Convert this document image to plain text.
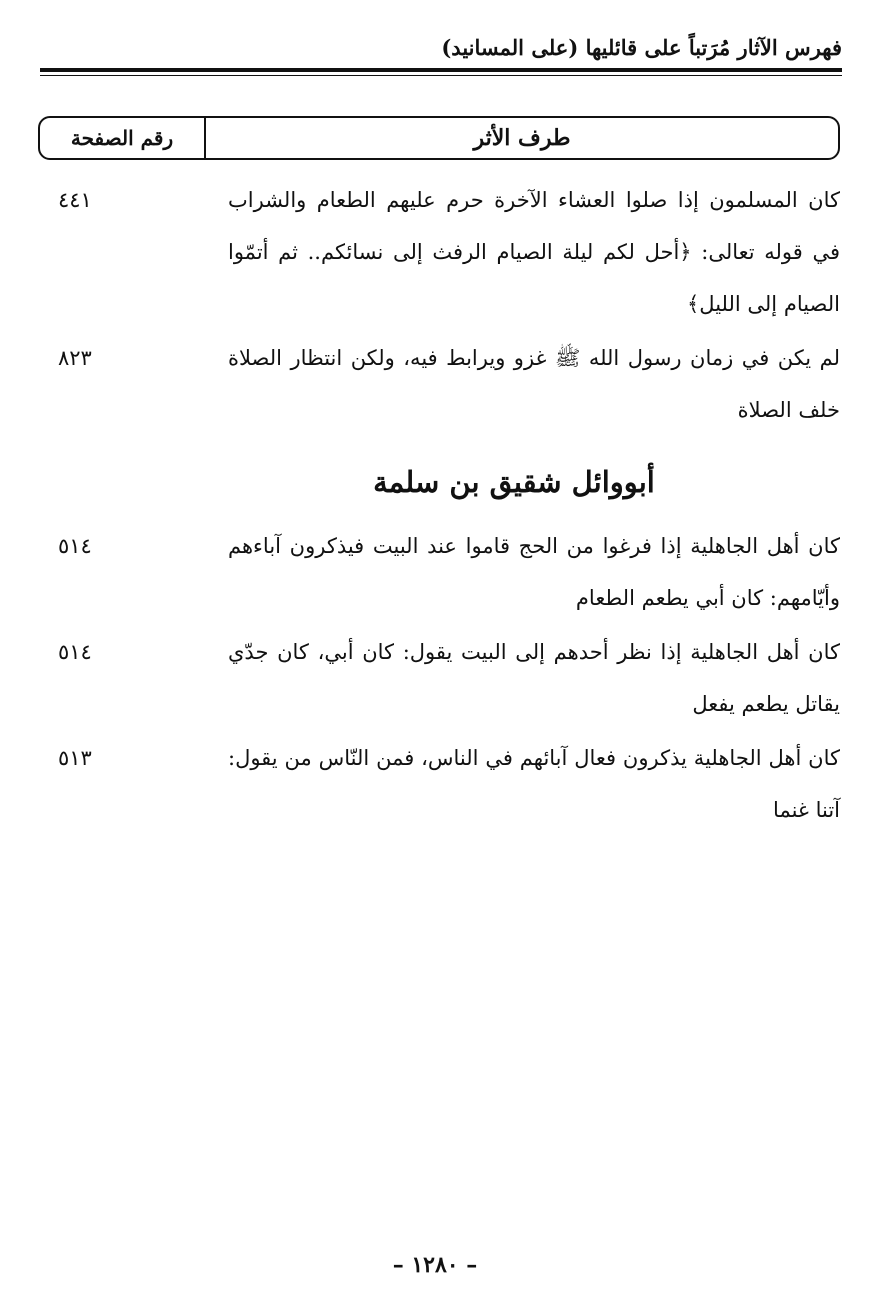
فهرس الآثار مُرَتباً على قائليها (على المسانيد)
طرف الأثر
رقم الصفحة
كان المسلمون إذا صلوا العشاء الآخرة حرم عليهم الطعام والشراب في قوله تعالى: ﴿أحل لكم ليلة الصيام الرفث إلى نسائكم.. ثم أتمّوا الصيام إلى الليل﴾
٤٤١
لم يكن في زمان رسول الله ﷺ غزو ويرابط فيه، ولكن انتظار الصلاة خلف الصلاة
٨٢٣
أبووائل شقيق بن سلمة
كان أهل الجاهلية إذا فرغوا من الحج قاموا عند البيت فيذكرون آباءهم وأيّامهم: كان أبي يطعم الطعام
٥١٤
كان أهل الجاهلية إذا نظر أحدهم إلى البيت يقول: كان أبي، كان جدّي يقاتل يطعم يفعل
٥١٤
كان أهل الجاهلية يذكرون فعال آبائهم في الناس، فمن النّاس من يقول: آتنا غنما
٥١٣
– ١٢٨٠ –
